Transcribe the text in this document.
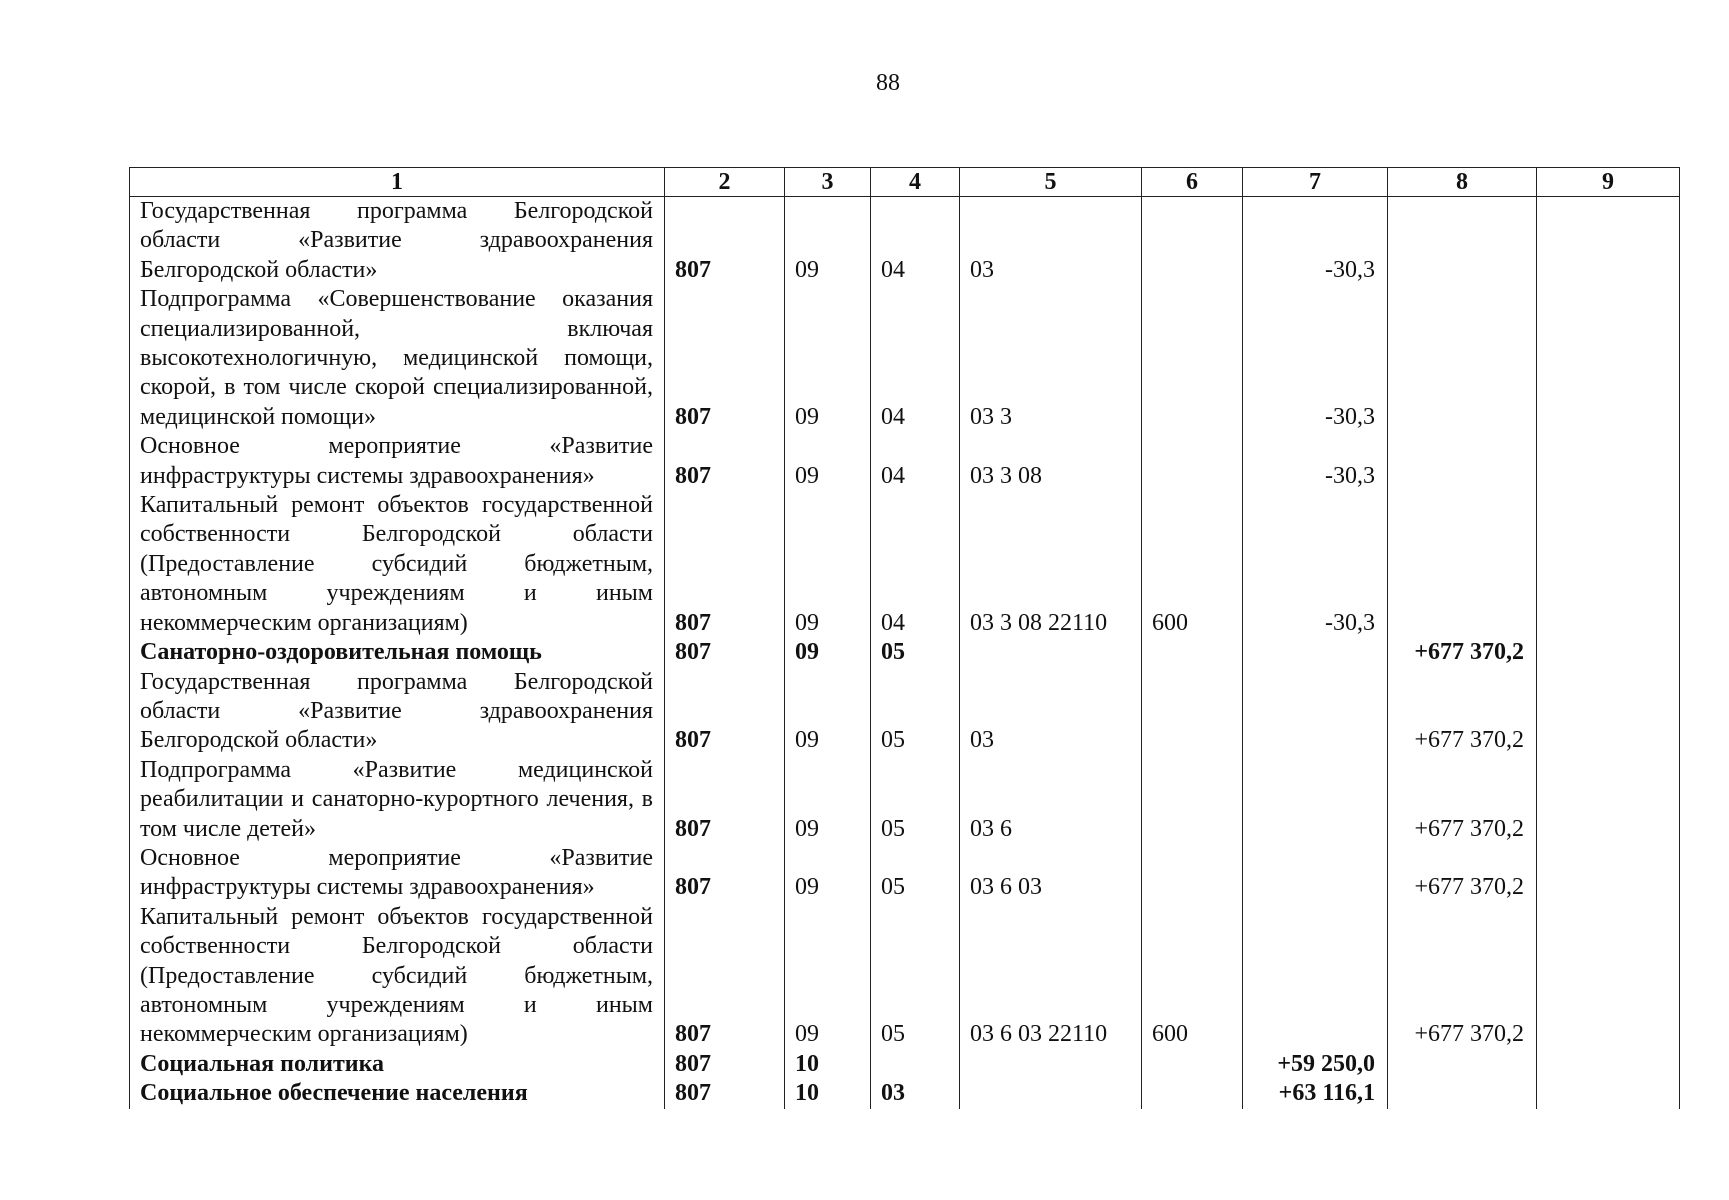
88
1	2	3	4	5	6	7	8	9
Государственная программа Белгородской области «Развитие здравоохранения Белгородской области»	807	09	04	03		-30,3		
Подпрограмма «Совершенствование оказания специализированной, включая высокотехнологичную, медицинской помощи, скорой, в том числе скорой специализированной, медицинской помощи»	807	09	04	03 3		-30,3		
Основное мероприятие «Развитие инфраструктуры системы здравоохранения»	807	09	04	03 3 08		-30,3		
Капитальный ремонт объектов государственной собственности Белгородской области (Предоставление субсидий бюджетным, автономным учреждениям и иным некоммерческим организациям)	807	09	04	03 3 08 22110	600	-30,3		
Санаторно-оздоровительная помощь	807	09	05				+677 370,2	
Государственная программа Белгородской области «Развитие здравоохранения Белгородской области»	807	09	05	03			+677 370,2	
Подпрограмма «Развитие медицинской реабилитации и санаторно-курортного лечения, в том числе детей»	807	09	05	03 6			+677 370,2	
Основное мероприятие «Развитие инфраструктуры системы здравоохранения»	807	09	05	03 6 03			+677 370,2	
Капитальный ремонт объектов государственной собственности Белгородской области (Предоставление субсидий бюджетным, автономным учреждениям и иным некоммерческим организациям)	807	09	05	03 6 03 22110	600		+677 370,2	
Социальная политика	807	10				+59 250,0		
Социальное обеспечение населения	807	10	03			+63 116,1		
